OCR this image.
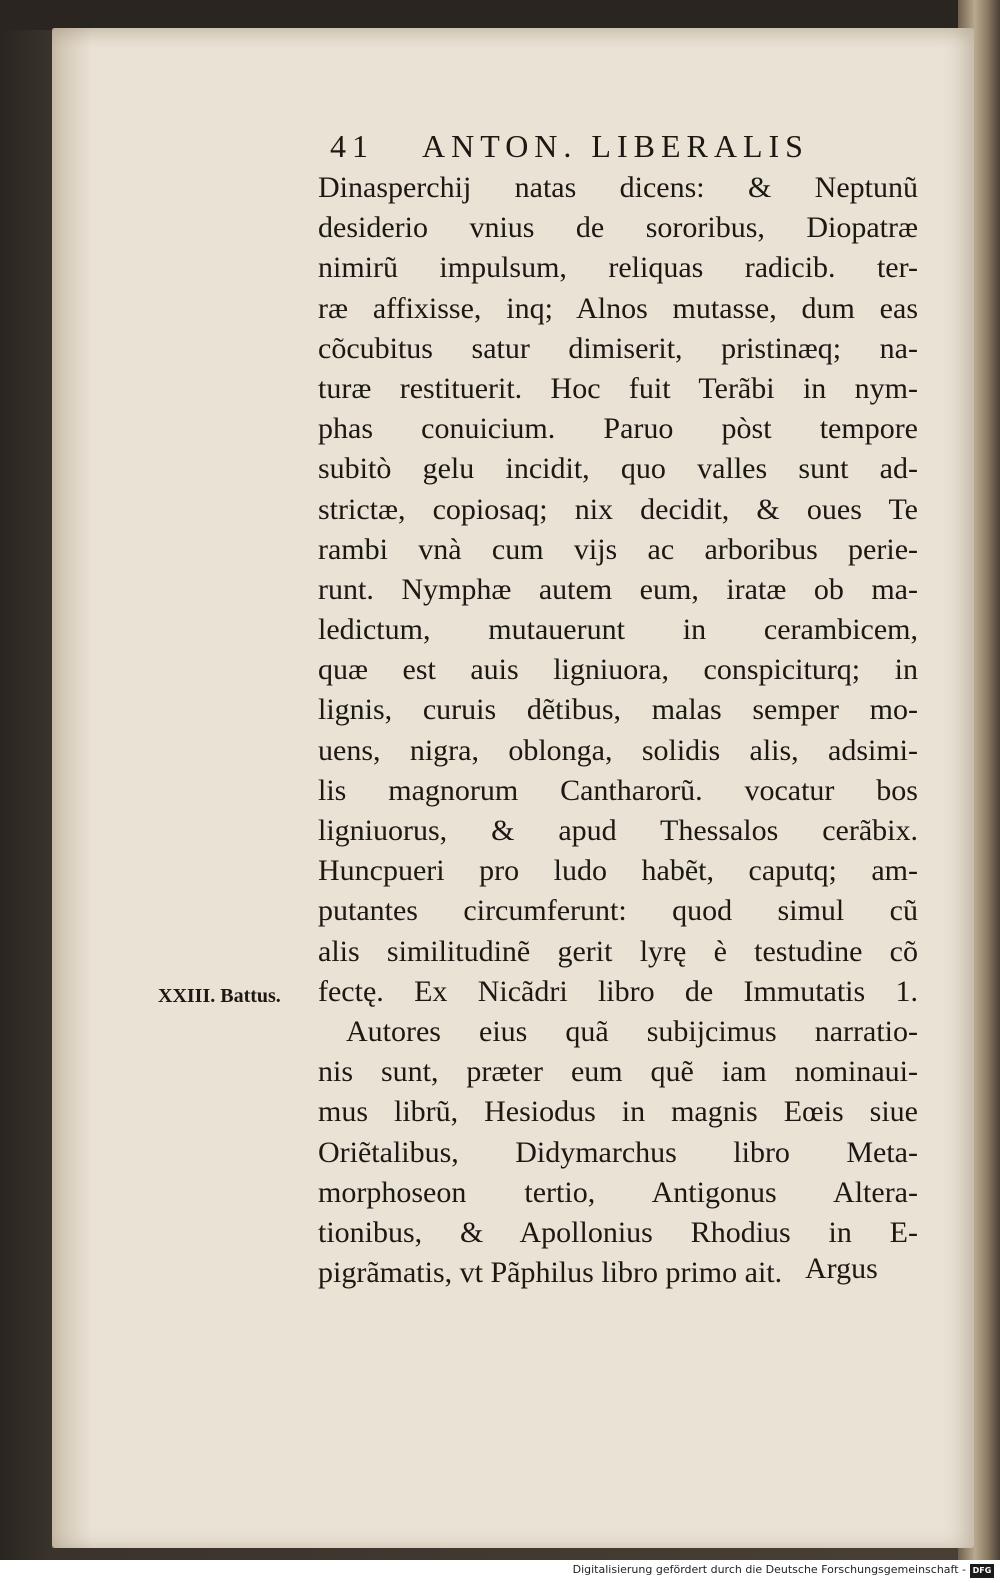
41 ANTON. LIBERALIS
Dinasperchij natas dicens: & Neptunũ
desiderio vnius de sororibus, Diopatræ
nimirũ impulsum, reliquas radicib. ter-
ræ affixisse, inq; Alnos mutasse, dum eas
cõcubitus satur dimiserit, pristinæq; na-
turæ restituerit. Hoc fuit Terãbi in nym-
phas conuicium. Paruo pòst tempore
subitò gelu incidit, quo valles sunt ad-
strictæ, copiosaq; nix decidit, & oues Te
rambi vnà cum vijs ac arboribus perie-
runt. Nymphæ autem eum, iratæ ob ma-
ledictum, mutauerunt in cerambicem,
quæ est auis ligniuora, conspiciturq; in
lignis, curuis dẽtibus, malas semper mo-
uens, nigra, oblonga, solidis alis, adsimi-
lis magnorum Cantharorũ. vocatur bos
ligniuorus, & apud Thessalos cerãbix.
Huncpueri pro ludo habẽt, caputq; am-
putantes circumferunt: quod simul cũ
alis similitudinẽ gerit lyrę è testudine cõ
fectę. Ex Nicãdri libro de Immutatis 1.
Autores eius quã subijcimus narratio-
nis sunt, præter eum quẽ iam nominaui-
mus librũ, Hesiodus in magnis Eœis siue
Oriẽtalibus, Didymarchus libro Meta-
morphoseon tertio, Antigonus Altera-
tionibus, & Apollonius Rhodius in E-
pigrãmatis, vt Pãphilus libro primo ait.
XXIII. Battus.
Argus
Digitalisierung gefördert durch die Deutsche Forschungsgemeinschaft - DFG
